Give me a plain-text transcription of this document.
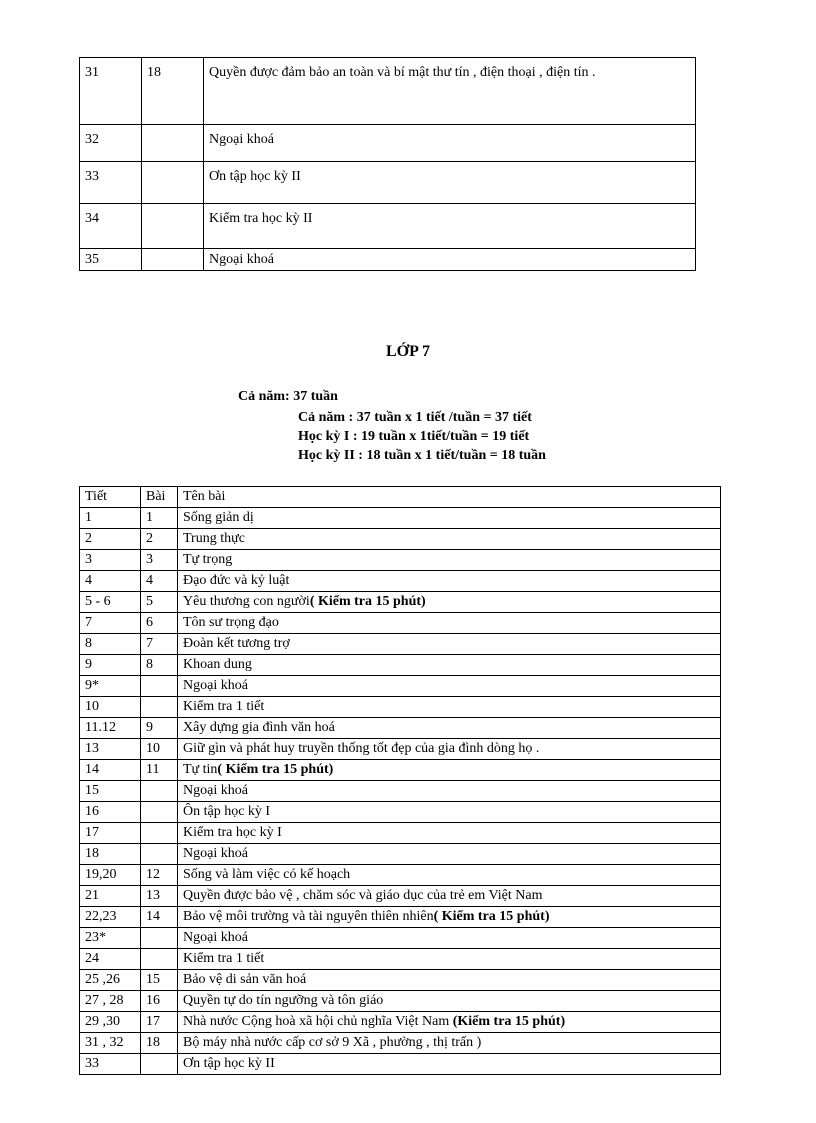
31	18	Quyền được đảm bảo an toàn và bí mật thư tín , điện thoại , điện tín .
32		Ngoại khoá
33		Ơn tập học kỳ II
34		Kiểm tra học kỳ II
35		Ngoại khoá
LỚP 7
Cả năm: 37 tuần
Cả năm : 37 tuần x 1 tiết /tuần = 37 tiết
Học kỳ I : 19 tuần x 1tiết/tuần = 19 tiết
Học kỳ II : 18 tuần x 1 tiết/tuần = 18 tuần
Tiết	Bài	Tên bài
1	1	Sống giản dị
2	2	Trung thực
3	3	Tự trọng
4	4	Đạo đức và kỷ luật
5 - 6	5	Yêu thương con người( Kiểm tra 15 phút)
7	6	Tôn sư trọng đạo
8	7	Đoàn kết tương trợ
9	8	Khoan dung
9*		Ngoại khoá
10		Kiểm tra 1 tiết
11.12	9	Xây dựng gia đình văn hoá
13	10	Giữ gìn và phát huy truyền thống tốt đẹp của gia đình dòng họ .
14	11	Tự tin( Kiểm tra 15 phút)
15		Ngoại khoá
16		Ôn tập học kỳ I
17		Kiểm tra học kỳ I
18		Ngoại khoá
19,20	12	Sống và làm việc có kế hoạch
21	13	Quyền được bảo vệ , chăm sóc và giáo dục của trẻ em Việt Nam
22,23	14	Bảo vệ môi trường và tài nguyên thiên nhiên( Kiểm tra 15 phút)
23*		Ngoại khoá
24		Kiểm tra 1 tiết
25 ,26	15	Bảo vệ di sản văn hoá
27 , 28	16	Quyền tự do tín ngưỡng và tôn giáo
29 ,30	17	Nhà nước Cộng hoà xã hội chủ nghĩa Việt Nam (Kiểm tra 15 phút)
31 , 32	18	Bộ máy nhà nước cấp cơ sở 9 Xã , phường , thị trấn )
33		Ơn tập học kỳ II
